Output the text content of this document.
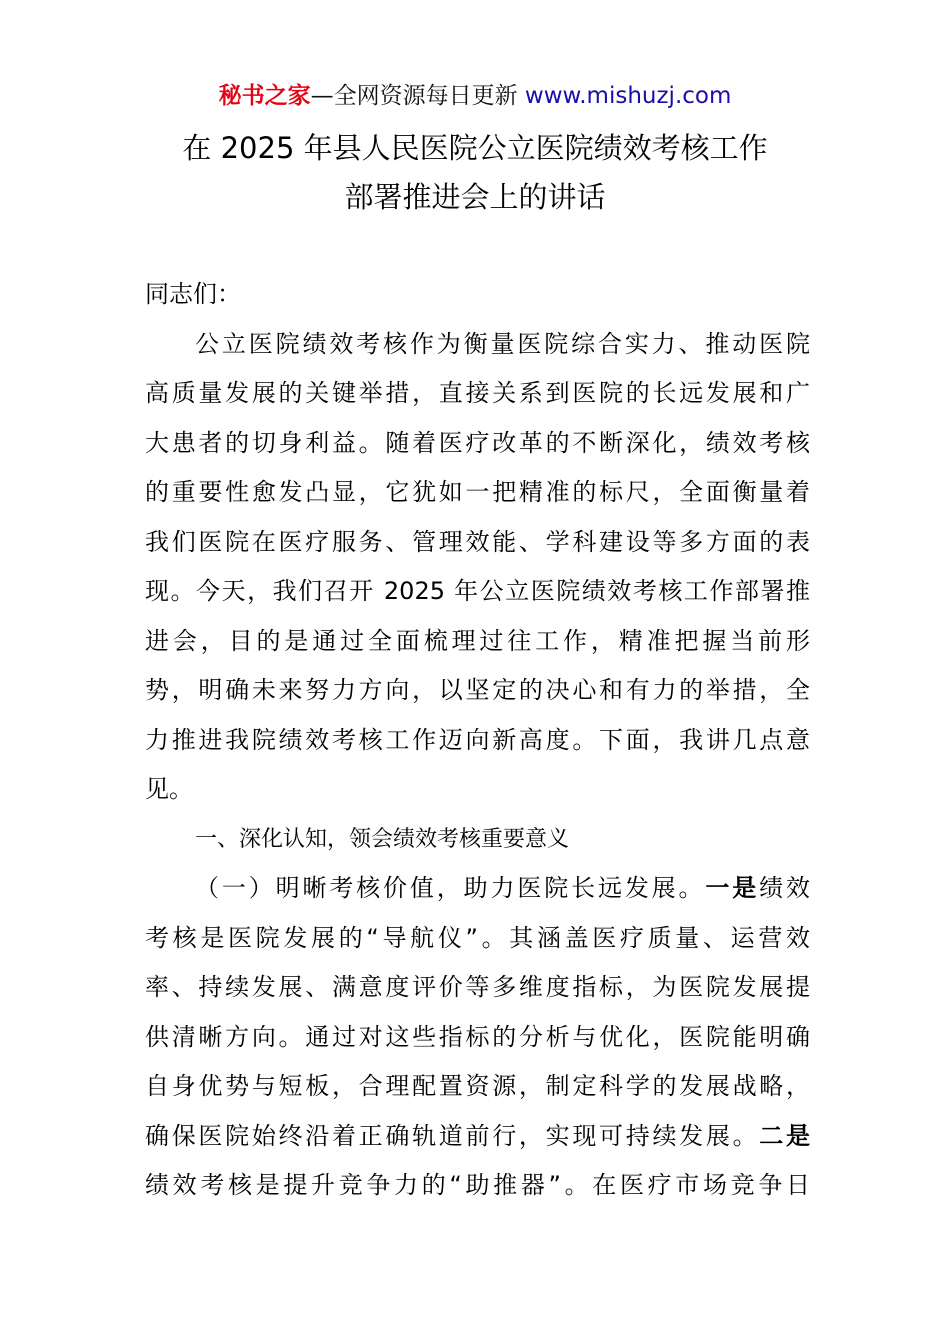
秘书之家—全网资源每日更新 www.mishuzj.com
在 2025 年县人民医院公立医院绩效考核工作
部署推进会上的讲话
同志们：
公立医院绩效考核作为衡量医院综合实力、推动医院
高质量发展的关键举措，直接关系到医院的长远发展和广
大患者的切身利益。随着医疗改革的不断深化，绩效考核
的重要性愈发凸显，它犹如一把精准的标尺，全面衡量着
我们医院在医疗服务、管理效能、学科建设等多方面的表
现。今天，我们召开 2025 年公立医院绩效考核工作部署推
进会，目的是通过全面梳理过往工作，精准把握当前形
势，明确未来努力方向，以坚定的决心和有力的举措，全
力推进我院绩效考核工作迈向新高度。下面，我讲几点意
见。
一、深化认知，领会绩效考核重要意义
（一）明晰考核价值，助力医院长远发展。一是绩效
考核是医院发展的“导航仪”。其涵盖医疗质量、运营效
率、持续发展、满意度评价等多维度指标，为医院发展提
供清晰方向。通过对这些指标的分析与优化，医院能明确
自身优势与短板，合理配置资源，制定科学的发展战略，
确保医院始终沿着正确轨道前行，实现可持续发展。二是
绩效考核是提升竞争力的“助推器”。在医疗市场竞争日
